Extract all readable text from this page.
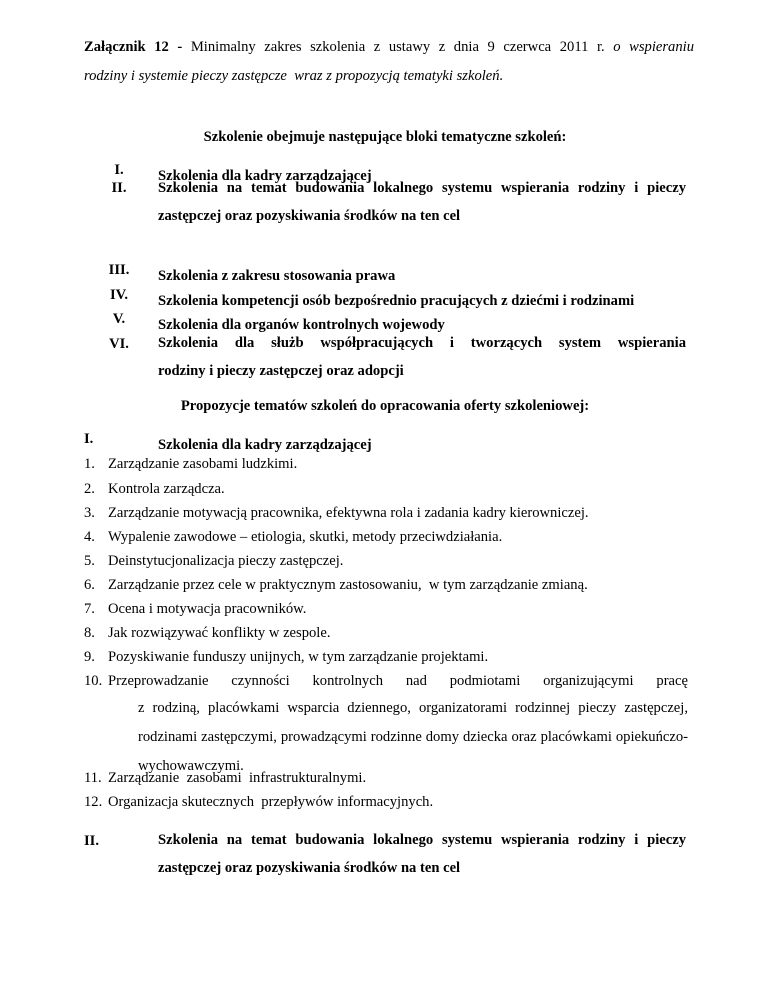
Załącznik 12 - Minimalny zakres szkolenia z ustawy z dnia 9 czerwca 2011 r. o wspieraniu
rodziny i systemie pieczy zastępcze  wraz z propozycją tematyki szkoleń.
Szkolenie obejmuje następujące bloki tematyczne szkoleń:
I.	Szkolenia dla kadry zarządzającej
II.	Szkolenia na temat budowania lokalnego systemu wspierania rodziny i pieczy
zastępczej oraz pozyskiwania środków na ten cel
III.	Szkolenia z zakresu stosowania prawa
IV.	Szkolenia kompetencji osób bezpośrednio pracujących z dziećmi i rodzinami
V.	Szkolenia dla organów kontrolnych wojewody
VI.	Szkolenia dla służb współpracujących i tworzących system wspierania
rodziny i pieczy zastępczej oraz adopcji
Propozycje tematów szkoleń do opracowania oferty szkoleniowej:
I.	Szkolenia dla kadry zarządzającej
1. Zarządzanie zasobami ludzkimi.
2. Kontrola zarządcza.
3. Zarządzanie motywacją pracownika, efektywna rola i zadania kadry kierowniczej.
4. Wypalenie zawodowe – etiologia, skutki, metody przeciwdziałania.
5. Deinstytucjonalizacja pieczy zastępczej.
6. Zarządzanie przez cele w praktycznym zastosowaniu,  w tym zarządzanie zmianą.
7. Ocena i motywacja pracowników.
8. Jak rozwiązywać konflikty w zespole.
9. Pozyskiwanie funduszy unijnych, w tym zarządzanie projektami.
10. Przeprowadzanie czynności kontrolnych nad podmiotami organizującymi pracę
z rodziną, placówkami wsparcia dziennego, organizatorami rodzinnej pieczy zastępczej, rodzinami zastępczymi, prowadzącymi rodzinne domy dziecka oraz placówkami opiekuńczo-wychowawczymi.
11. Zarządzanie  zasobami  infrastrukturalnymi.
12. Organizacja skutecznych  przepływów informacyjnych.
II.	Szkolenia na temat budowania lokalnego systemu wspierania rodziny i pieczy
zastępczej oraz pozyskiwania środków na ten cel
